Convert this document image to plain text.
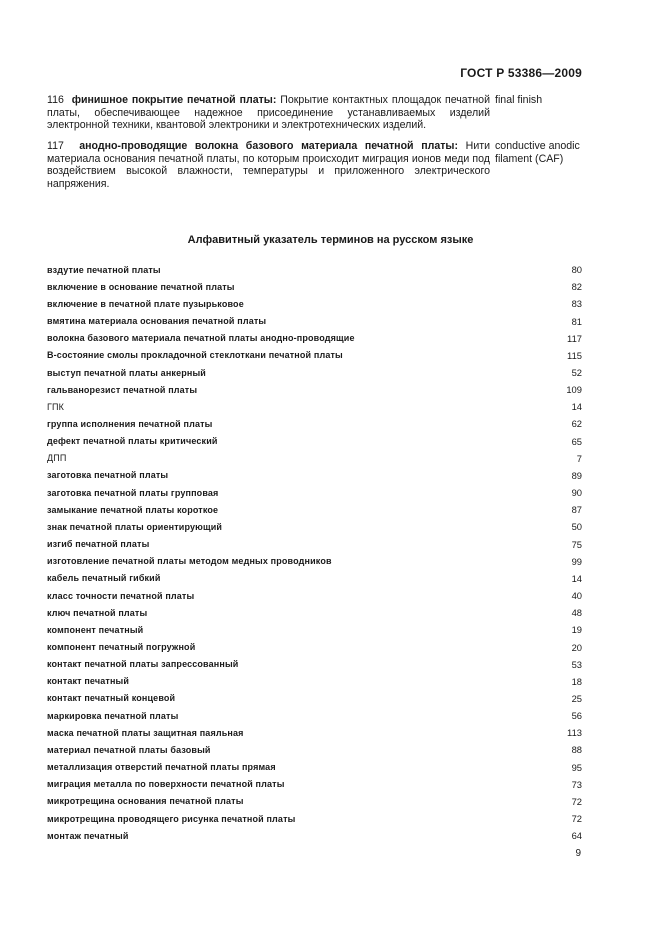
ГОСТ Р 53386—2009
116 финишное покрытие печатной платы: Покрытие контактных площадок печатной платы, обеспечивающее надежное присоединение устанавливаемых изделий электронной техники, квантовой электроники и электротехнических изделий.
final finish
117 анодно-проводящие волокна базового материала печатной платы: Нити материала основания печатной платы, по которым происходит миграция ионов меди под воздействием высокой влажности, температуры и приложенного электрического напряжения.
conductive anodic filament (CAF)
Алфавитный указатель терминов на русском языке
вздутие печатной платы	80
включение в основание печатной платы	82
включение в печатной плате пузырьковое	83
вмятина материала основания печатной платы	81
волокна базового материала печатной платы анодно-проводящие	117
В-состояние смолы прокладочной стеклоткани печатной платы	115
выступ печатной платы анкерный	52
гальванорезист печатной платы	109
ГПК	14
группа исполнения печатной платы	62
дефект печатной платы критический	65
ДПП	7
заготовка печатной платы	89
заготовка печатной платы групповая	90
замыкание печатной платы короткое	87
знак печатной платы ориентирующий	50
изгиб печатной платы	75
изготовление печатной платы методом медных проводников	99
кабель печатный гибкий	14
класс точности печатной платы	40
ключ печатной платы	48
компонент печатный	19
компонент печатный погружной	20
контакт печатной платы запрессованный	53
контакт печатный	18
контакт печатный концевой	25
маркировка печатной платы	56
маска печатной платы защитная паяльная	113
материал печатной платы базовый	88
металлизация отверстий печатной платы прямая	95
миграция металла по поверхности печатной платы	73
микротрещина основания печатной платы	72
микротрещина проводящего рисунка печатной платы	72
монтаж печатный	64
9
